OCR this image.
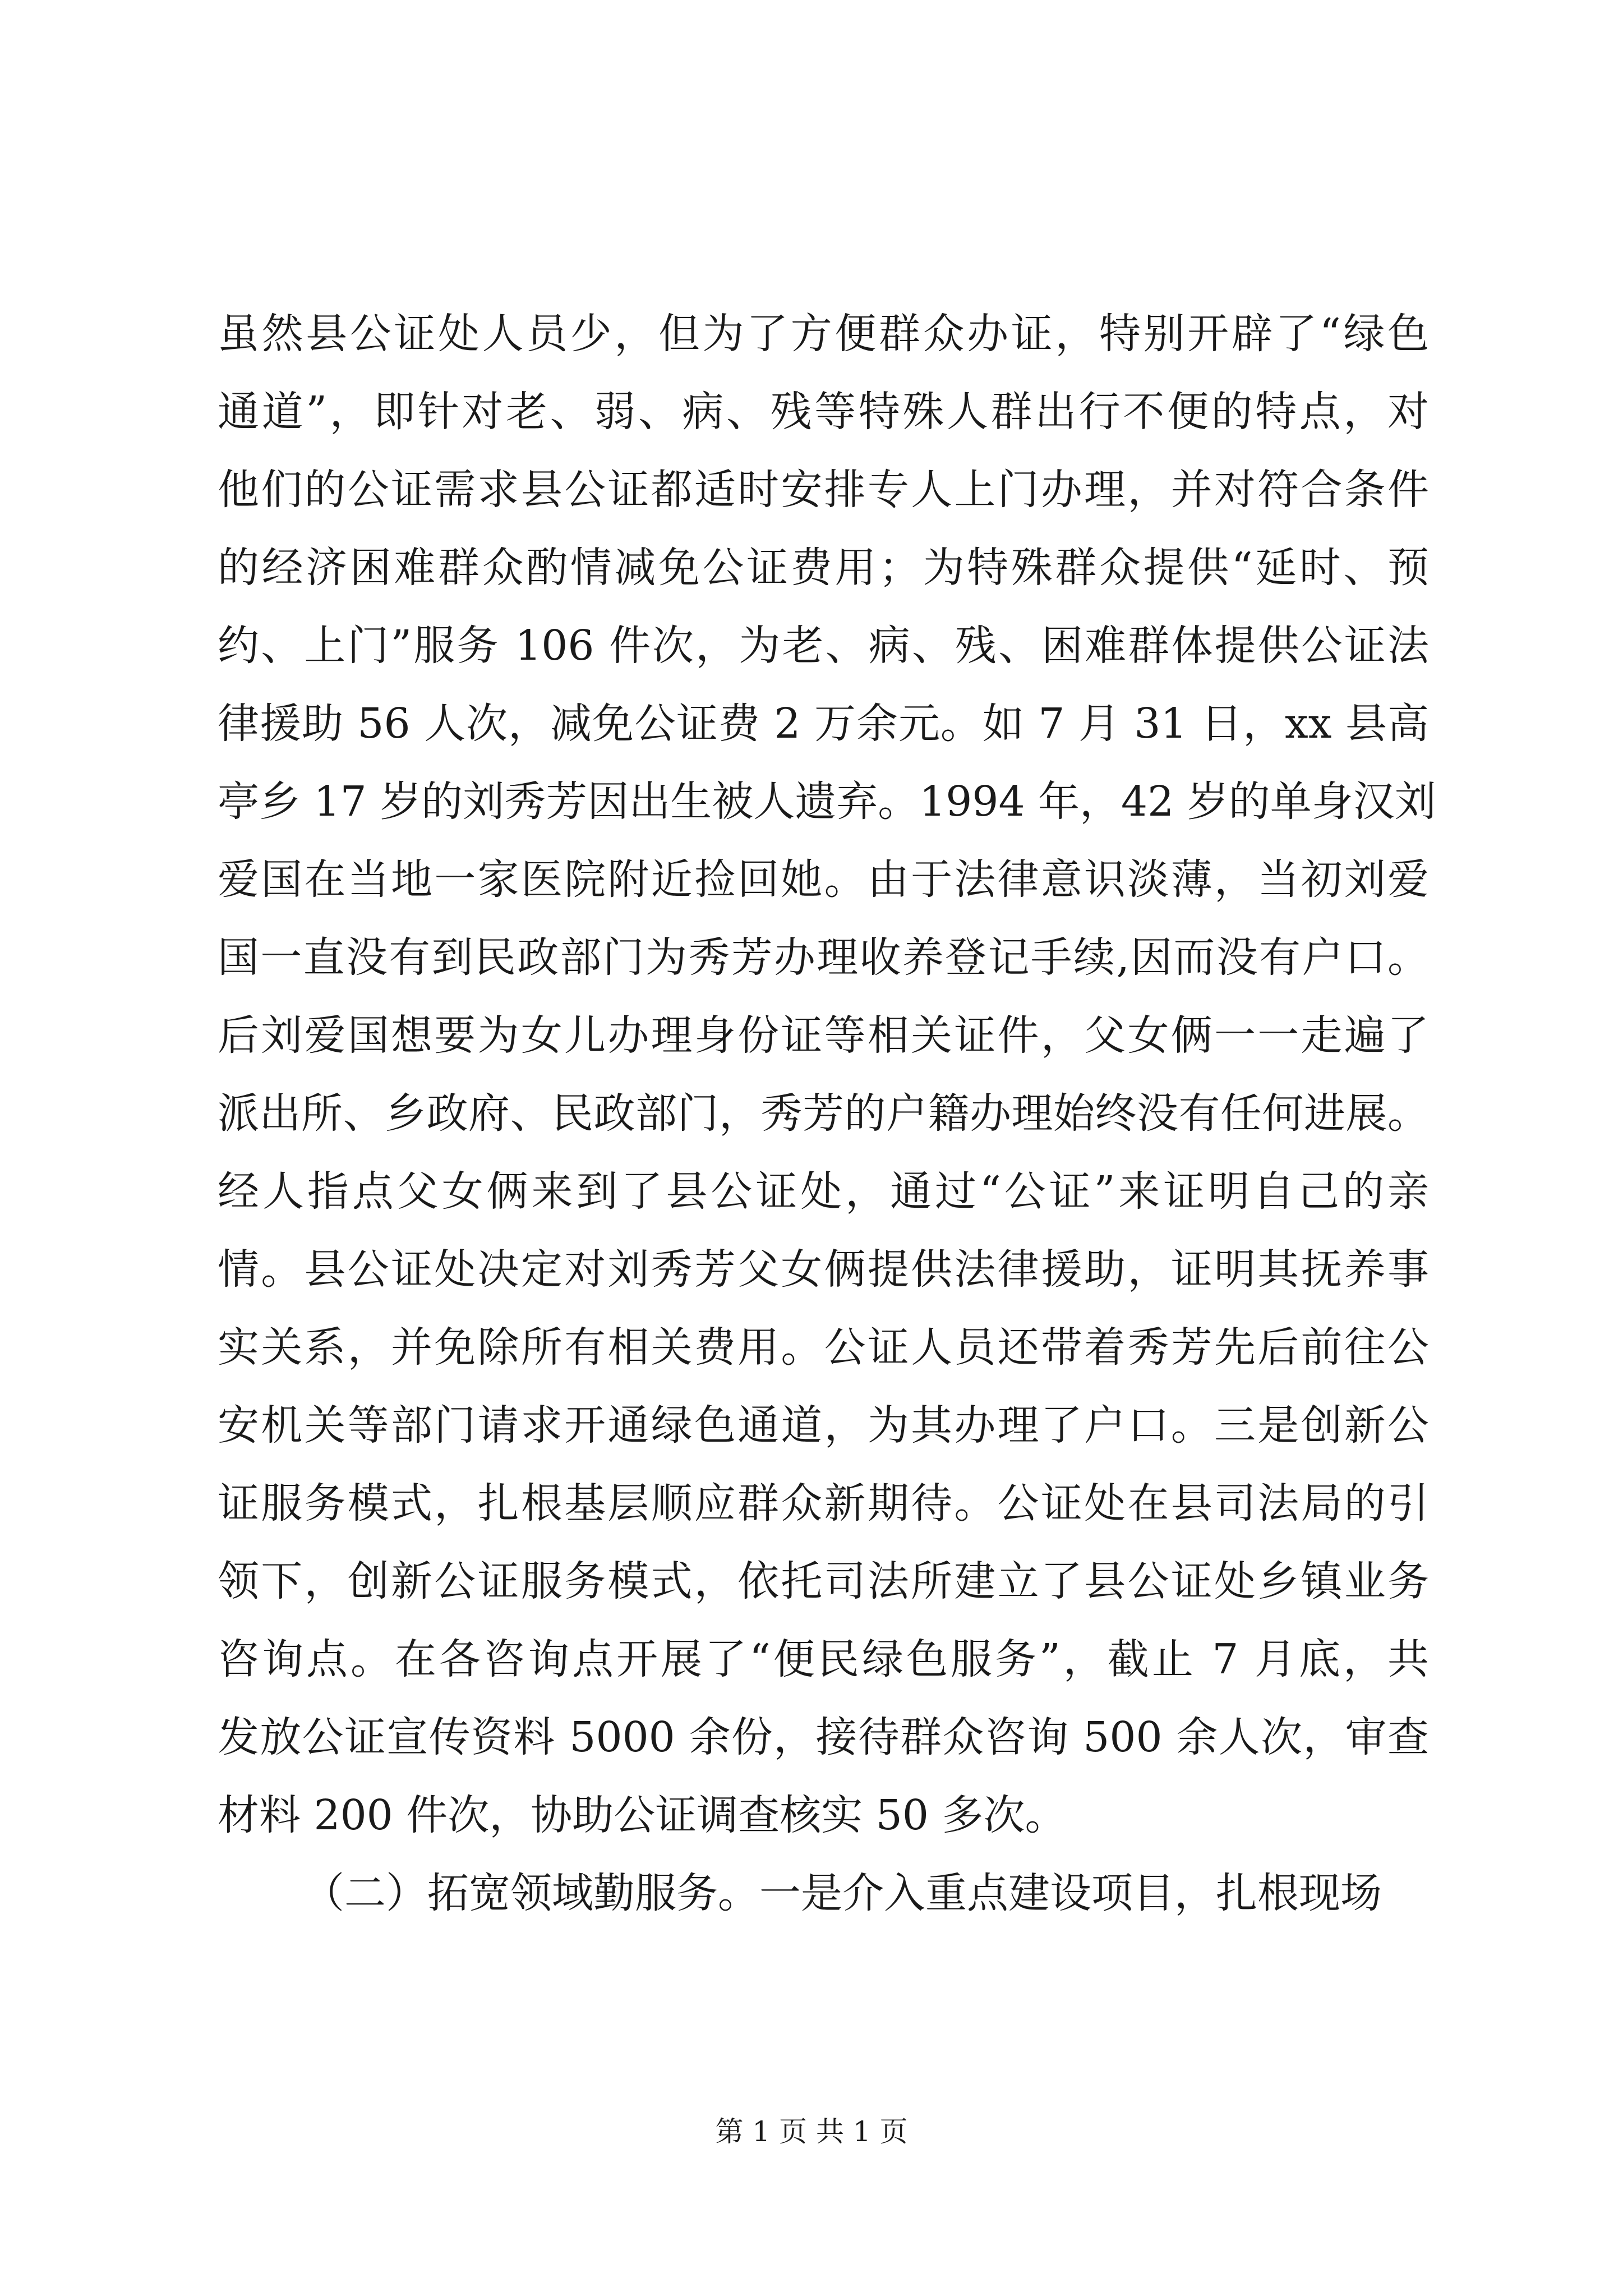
虽然县公证处人员少，但为了方便群众办证，特别开辟了“绿色
通道”，即针对老、弱、病、残等特殊人群出行不便的特点，对
他们的公证需求县公证都适时安排专人上门办理，并对符合条件
的经济困难群众酌情减免公证费用；为特殊群众提供“延时、预
约、上门”服务 106 件次，为老、病、残、困难群体提供公证法
律援助 56 人次，减免公证费 2 万余元。如 7 月 31 日，xx 县高
亭乡 17 岁的刘秀芳因出生被人遗弃。1994 年，42 岁的单身汉刘
爱国在当地一家医院附近捡回她。由于法律意识淡薄，当初刘爱
国一直没有到民政部门为秀芳办理收养登记手续,因而没有户口。
后刘爱国想要为女儿办理身份证等相关证件，父女俩一一走遍了
派出所、乡政府、民政部门，秀芳的户籍办理始终没有任何进展。
经人指点父女俩来到了县公证处，通过“公证”来证明自己的亲
情。县公证处决定对刘秀芳父女俩提供法律援助，证明其抚养事
实关系，并免除所有相关费用。公证人员还带着秀芳先后前往公
安机关等部门请求开通绿色通道，为其办理了户口。三是创新公
证服务模式，扎根基层顺应群众新期待。公证处在县司法局的引
领下，创新公证服务模式，依托司法所建立了县公证处乡镇业务
咨询点。在各咨询点开展了“便民绿色服务”，截止 7 月底，共
发放公证宣传资料 5000 余份，接待群众咨询 500 余人次，审查
材料 200 件次，协助公证调查核实 50 多次。
（二）拓宽领域勤服务。一是介入重点建设项目，扎根现场
第 1 页 共 1 页
